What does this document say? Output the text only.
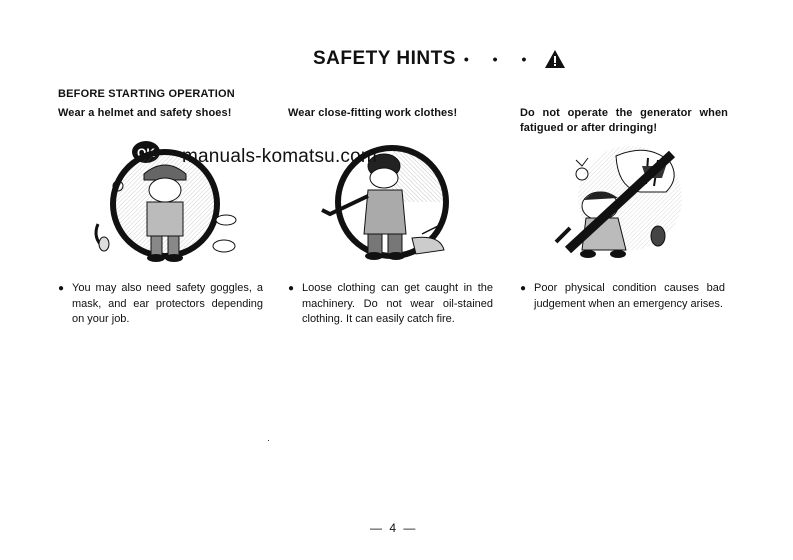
SAFETY HINTS • • •
BEFORE STARTING OPERATION
Wear a helmet and safety shoes!	Wear close-fitting work clothes!	Do not operate the generator when fatigued or after dringing!
OK manuals-komatsu.com
● You may also need safety goggles, a mask, and ear protectors depending on your job.
● Loose clothing can get caught in the machinery. Do not wear oil-stained clothing. It can easily catch fire.
● Poor physical condition causes bad judgement when an emergency arises.
— 4 —
